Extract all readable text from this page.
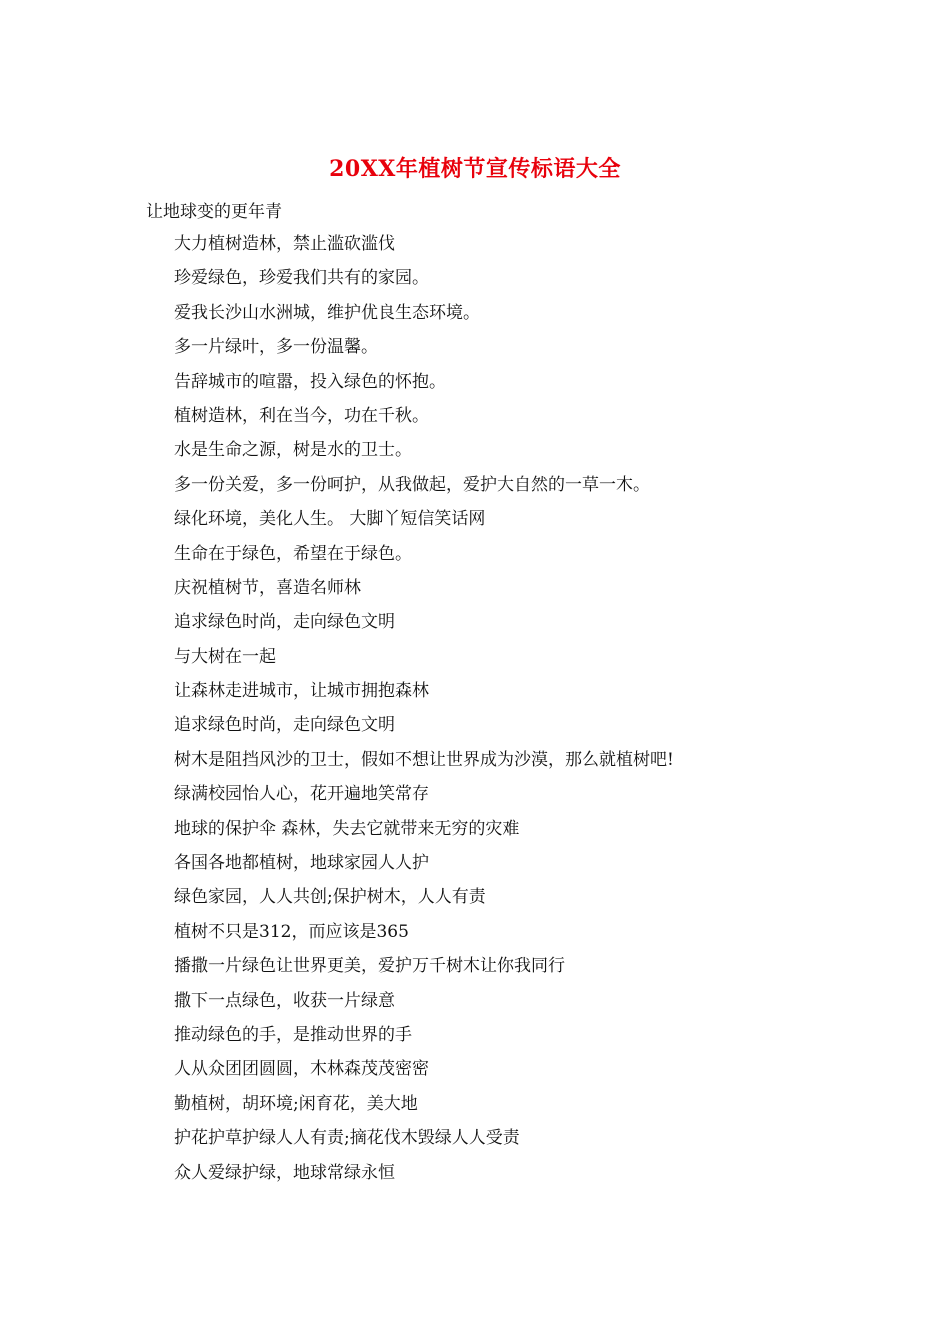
20XX年植树节宣传标语大全
让地球变的更年青
大力植树造林，禁止滥砍滥伐
珍爱绿色，珍爱我们共有的家园。
爱我长沙山水洲城，维护优良生态环境。
多一片绿叶，多一份温馨。
告辞城市的喧嚣，投入绿色的怀抱。
植树造林，利在当今，功在千秋。
水是生命之源，树是水的卫士。
多一份关爱，多一份呵护，从我做起，爱护大自然的一草一木。
绿化环境，美化人生。 大脚丫短信笑话网
生命在于绿色，希望在于绿色。
庆祝植树节，喜造名师林
追求绿色时尚，走向绿色文明
与大树在一起
让森林走进城市，让城市拥抱森林
追求绿色时尚，走向绿色文明
树木是阻挡风沙的卫士，假如不想让世界成为沙漠，那么就植树吧!
绿满校园怡人心，花开遍地笑常存
地球的保护伞 森林，失去它就带来无穷的灾难
各国各地都植树，地球家园人人护
绿色家园，人人共创;保护树木，人人有责
植树不只是312，而应该是365
播撒一片绿色让世界更美，爱护万千树木让你我同行
撒下一点绿色，收获一片绿意
推动绿色的手，是推动世界的手
人从众团团圆圆，木林森茂茂密密
勤植树，胡环境;闲育花，美大地
护花护草护绿人人有责;摘花伐木毁绿人人受责
众人爱绿护绿，地球常绿永恒
